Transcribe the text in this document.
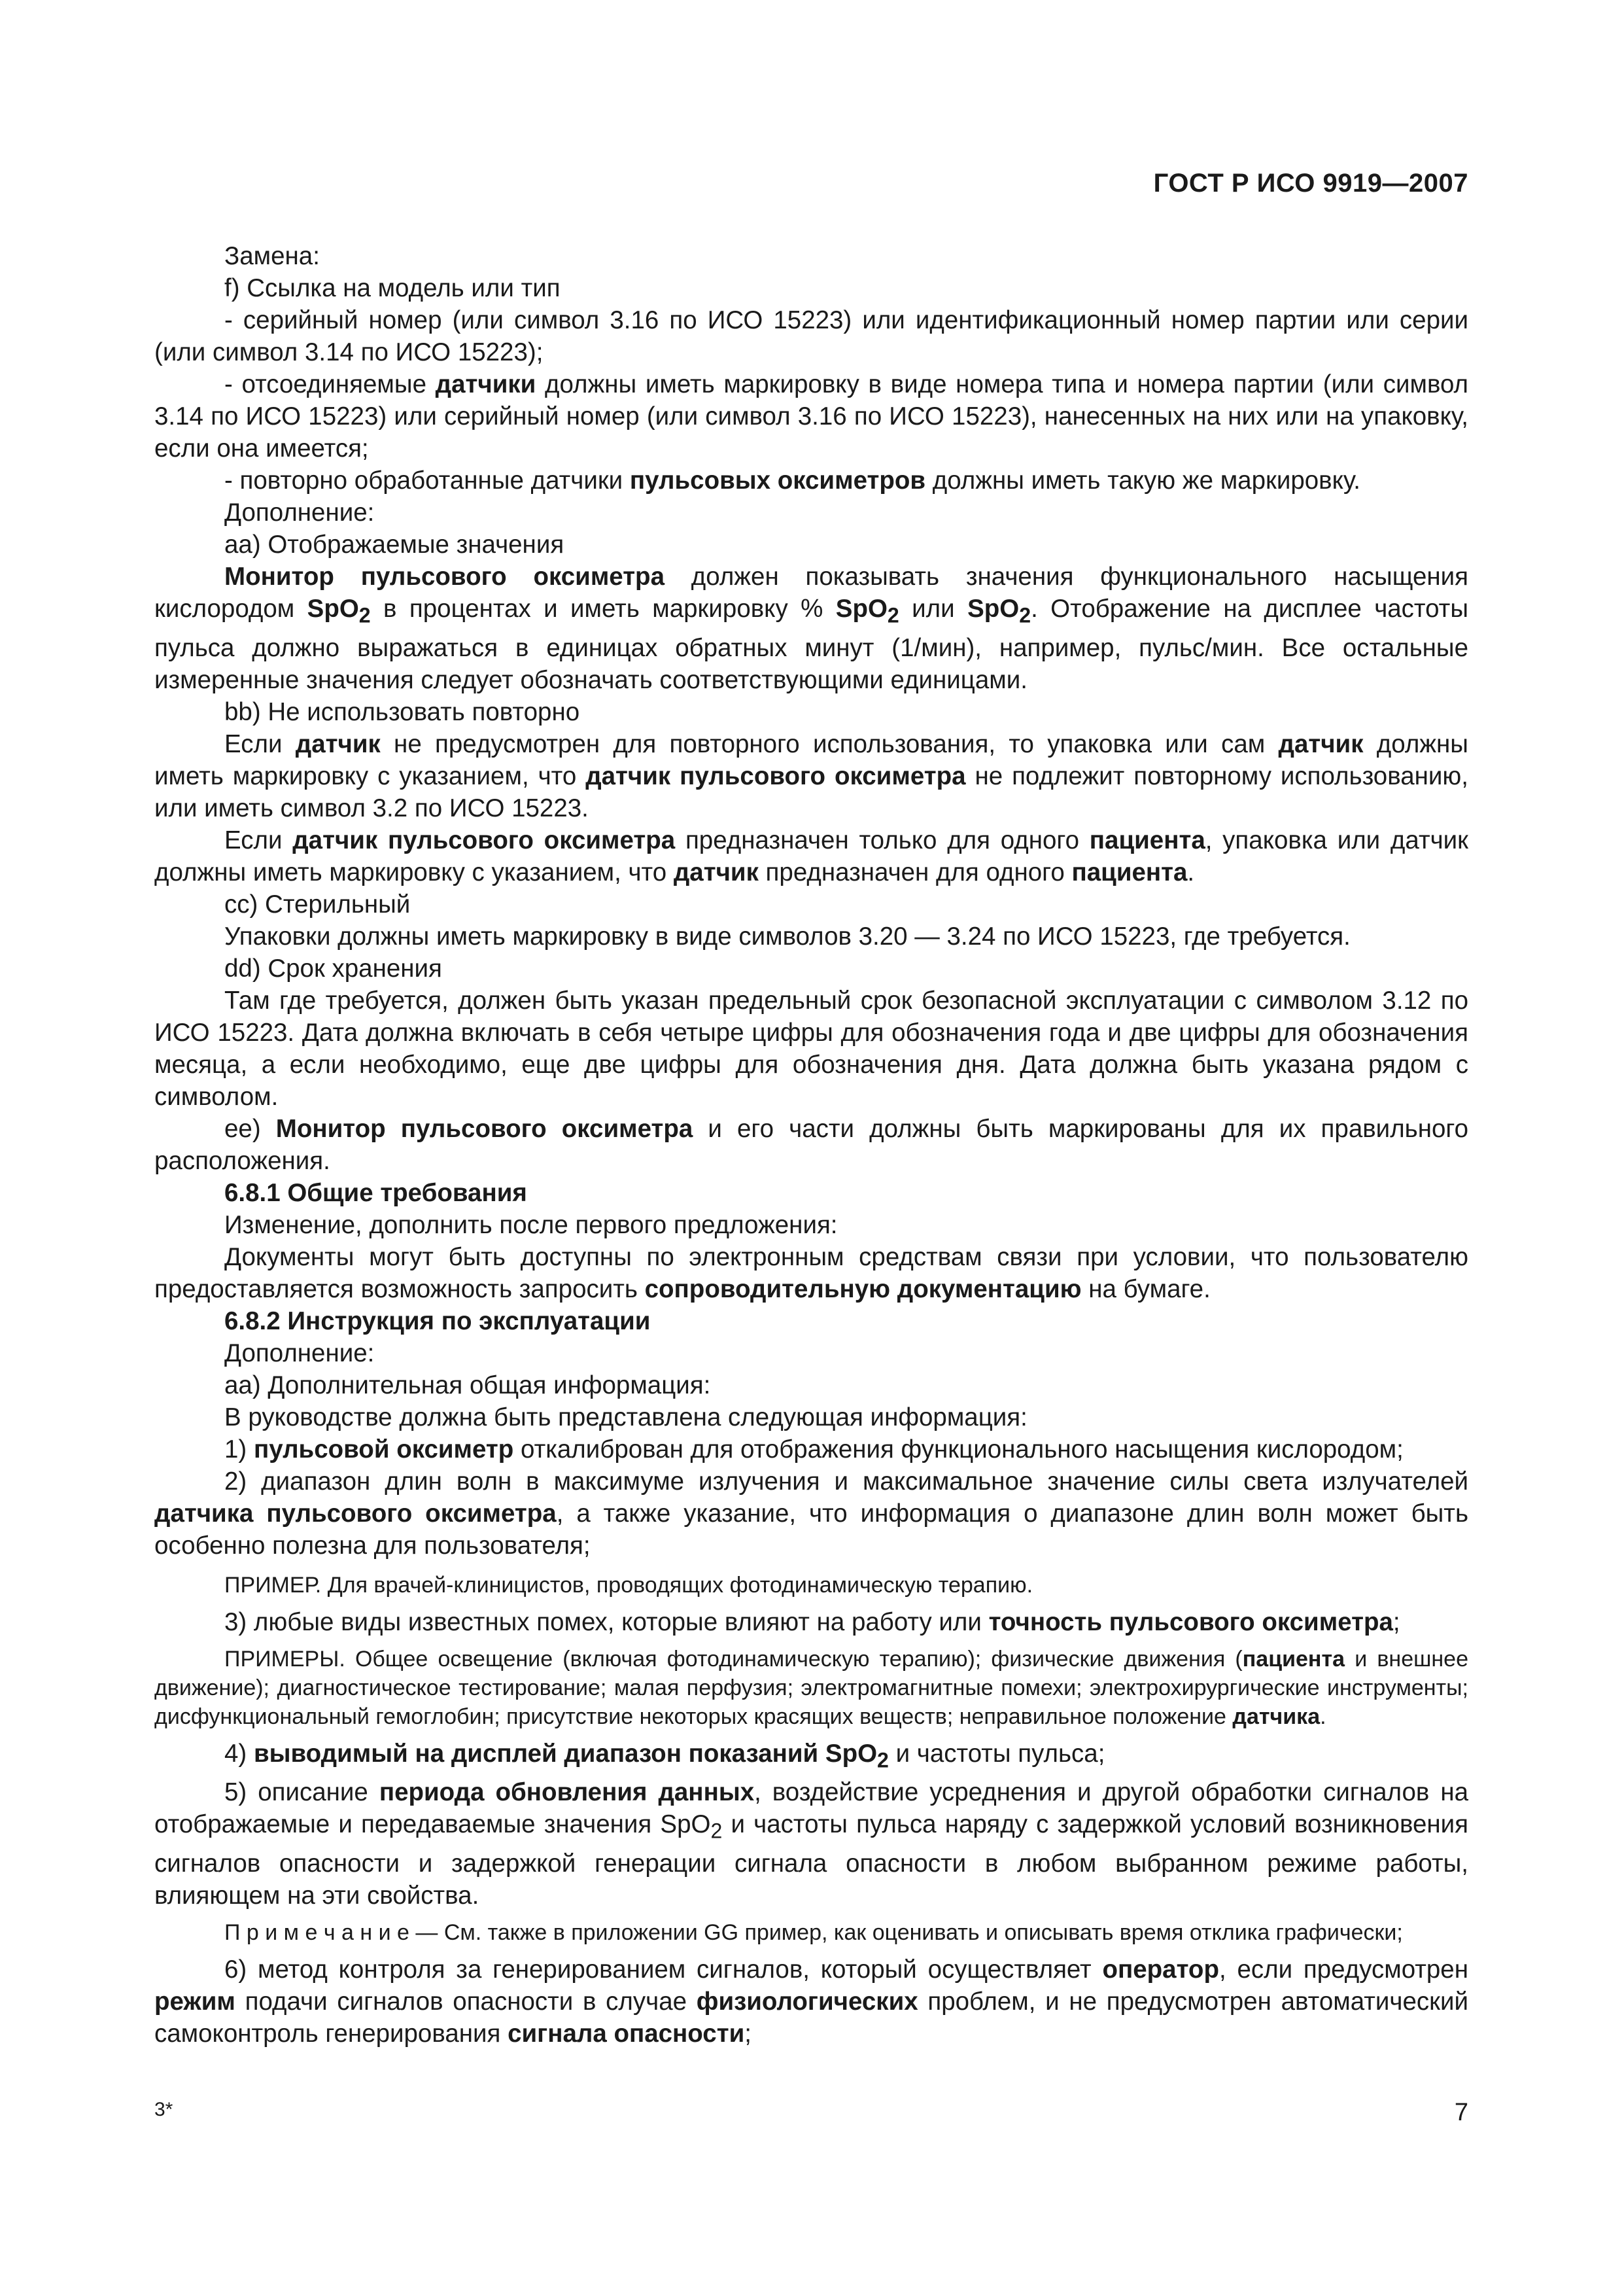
ГОСТ Р ИСО 9919—2007

Замена:

f) Ссылка на модель или тип

- серийный номер (или символ 3.16 по ИСО 15223) или идентификационный номер партии или серии (или символ 3.14 по ИСО 15223);

- отсоединяемые датчики должны иметь маркировку в виде номера типа и номера партии (или символ 3.14 по ИСО 15223) или серийный номер (или символ 3.16 по ИСО 15223), нанесенных на них или на упаковку, если она имеется;

- повторно обработанные датчики пульсовых оксиметров должны иметь такую же маркировку.

Дополнение:

aa) Отображаемые значения

Монитор пульсового оксиметра должен показывать значения функционального насыщения кислородом SpO$_2$ в процентах и иметь маркировку % SpO$_2$ или SpO$_2$. Отображение на дисплее частоты пульса должно выражаться в единицах обратных минут (1/мин), например, пульс/мин. Все остальные измеренные значения следует обозначать соответствующими единицами.

bb) Не использовать повторно

Если датчик не предусмотрен для повторного использования, то упаковка или сам датчик должны иметь маркировку с указанием, что датчик пульсового оксиметра не подлежит повторному использованию, или иметь символ 3.2 по ИСО 15223.

Если датчик пульсового оксиметра предназначен только для одного пациента, упаковка или датчик должны иметь маркировку с указанием, что датчик предназначен для одного пациента.

cc) Стерильный

Упаковки должны иметь маркировку в виде символов 3.20 — 3.24 по ИСО 15223, где требуется.

dd) Срок хранения

Там где требуется, должен быть указан предельный срок безопасной эксплуатации с символом 3.12 по ИСО 15223. Дата должна включать в себя четыре цифры для обозначения года и две цифры для обозначения месяца, а если необходимо, еще две цифры для обозначения дня. Дата должна быть указана рядом с символом.

ее) Монитор пульсового оксиметра и его части должны быть маркированы для их правильного расположения.

6.8.1 Общие требования

Изменение, дополнить после первого предложения:

Документы могут быть доступны по электронным средствам связи при условии, что пользователю предоставляется возможность запросить сопроводительную документацию на бумаге.

6.8.2 Инструкция по эксплуатации

Дополнение:

aa) Дополнительная общая информация:

В руководстве должна быть представлена следующая информация:

1) пульсовой оксиметр откалиброван для отображения функционального насыщения кислородом;

2) диапазон длин волн в максимуме излучения и максимальное значение силы света излучателей датчика пульсового оксиметра, а также указание, что информация о диапазоне длин волн может быть особенно полезна для пользователя;

ПРИМЕР. Для врачей-клиницистов, проводящих фотодинамическую терапию.

3) любые виды известных помех, которые влияют на работу или точность пульсового оксиметра;

ПРИМЕРЫ. Общее освещение (включая фотодинамическую терапию); физические движения (пациента и внешнее движение); диагностическое тестирование; малая перфузия; электромагнитные помехи; электрохирургические инструменты; дисфункциональный гемоглобин; присутствие некоторых красящих веществ; неправильное положение датчика.

4) выводимый на дисплей диапазон показаний SpO$_2$ и частоты пульса;

5) описание периода обновления данных, воздействие усреднения и другой обработки сигналов на отображаемые и передаваемые значения SpO$_2$ и частоты пульса наряду с задержкой условий возникновения сигналов опасности и задержкой генерации сигнала опасности в любом выбранном режиме работы, влияющем на эти свойства.

П р и м е ч а н и е — См. также в приложении GG пример, как оценивать и описывать время отклика графически;

6) метод контроля за генерированием сигналов, который осуществляет оператор, если предусмотрен режим подачи сигналов опасности в случае физиологических проблем, и не предусмотрен автоматический самоконтроль генерирования сигнала опасности;

3*	7
